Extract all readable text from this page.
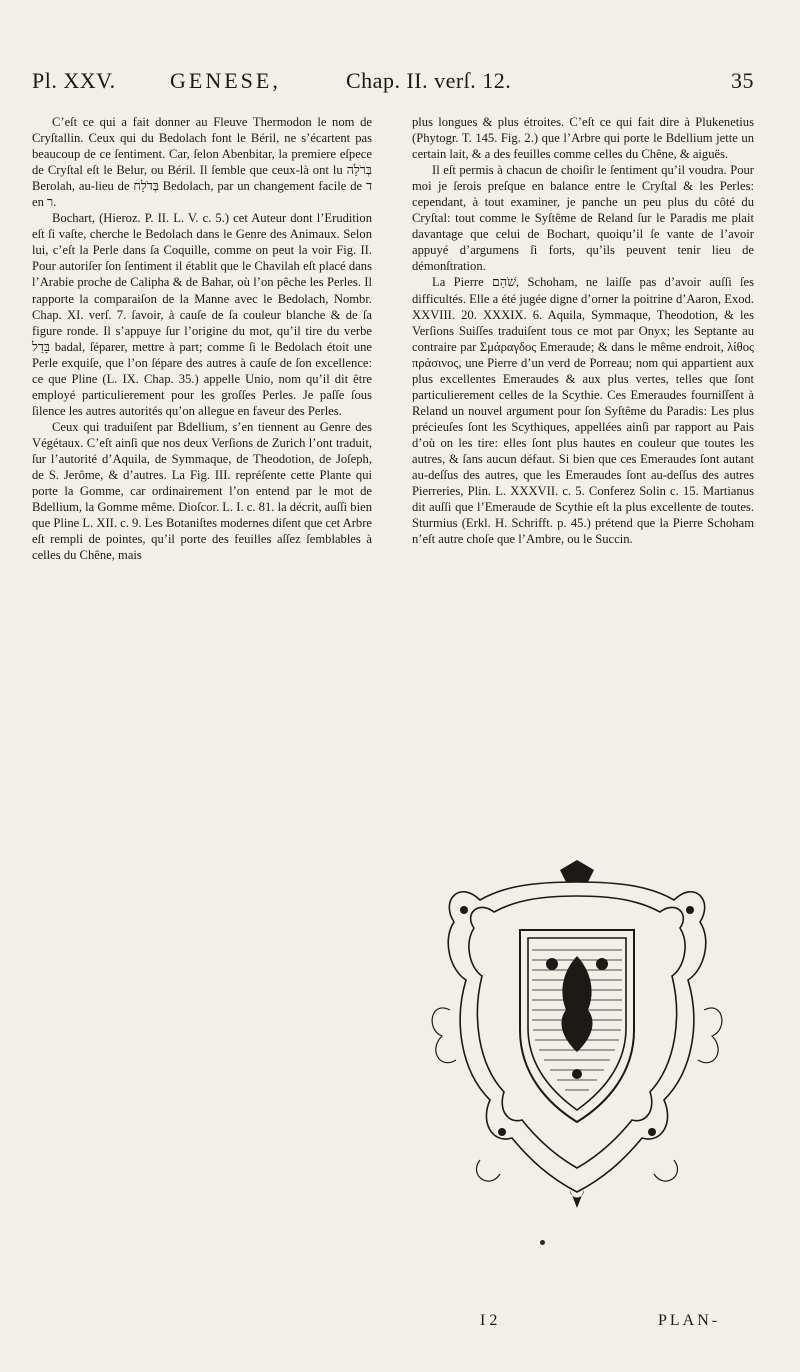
Pl. XXV. GENESE,	Chap. II. verſ. 12.	35

C’eſt ce qui a fait donner au Fleuve Thermodon le nom de Cryſtallin. Ceux qui du Bedolach font le Béril, ne s’écartent pas beaucoup de ce ſentiment. Car, ſelon Abenbitar, la premiere eſpece de Cryſtal eſt le Belur, ou Béril. Il ſemble que ceux-là ont lu בְּרֹלַה Berolah, au-lieu de בְּדֹלַח Bedolach, par un changement facile de ד en ר.

Bochart, (Hieroz. P. II. L. V. c. 5.) cet Auteur dont l’Erudition eſt ſi vaſte, cherche le Bedolach dans le Genre des Animaux. Selon lui, c’eſt la Perle dans ſa Coquille, comme on peut la voir Fig. II. Pour autoriſer ſon ſentiment il établit que le Chavilah eſt placé dans l’Arabie proche de Calipha & de Bahar, où l’on pêche les Perles. Il rapporte la comparaiſon de la Manne avec le Bedolach, Nombr. Chap. XI. verſ. 7. ſavoir, à cauſe de ſa couleur blanche & de ſa figure ronde. Il s’appuye ſur l’origine du mot, qu’il tire du verbe בָּדַל badal, ſéparer, mettre à part; comme ſi le Bedolach étoit une Perle exquiſe, que l’on ſépare des autres à cauſe de ſon excellence: ce que Pline (L. IX. Chap. 35.) appelle Unio, nom qu’il dit être employé particulierement pour les groſſes Perles. Je paſſe ſous ſilence les autres autorités qu’on allegue en faveur des Perles.

Ceux qui traduiſent par Bdellium, s’en tiennent au Genre des Végétaux. C’eſt ainſi que nos deux Verſions de Zurich l’ont traduit, ſur l’autorité d’Aquila, de Symmaque, de Theodotion, de Joſeph, de S. Jerôme, & d’autres. La Fig. III. repréſente cette Plante qui porte la Gomme, car ordinairement l’on entend par le mot de Bdellium, la Gomme même. Dioſcor. L. I. c. 81. la décrit, auſſi bien que Pline L. XII. c. 9. Les Botaniſtes modernes diſent que cet Arbre eſt rempli de pointes, qu’il porte des feuilles aſſez ſemblables à celles du Chêne, mais

plus longues & plus étroites. C’eſt ce qui fait dire à Plukenetius (Phytogr. T. 145. Fig. 2.) que l’Arbre qui porte le Bdellium jette un certain lait, & a des feuilles comme celles du Chêne, & aiguës.

Il eſt permis à chacun de choiſir le ſentiment qu’il voudra. Pour moi je ſerois preſque en balance entre le Cryſtal & les Perles: cependant, à tout examiner, je panche un peu plus du côté du Cryſtal: tout comme le Syſtême de Reland ſur le Paradis me plait davantage que celui de Bochart, quoiqu’il ſe vante de l’avoir appuyé d’argumens ſi forts, qu’ils peuvent tenir lieu de démonſtration.

La Pierre שֹׁהַם, Schoham, ne laiſſe pas d’avoir auſſi ſes difficultés. Elle a été jugée digne d’orner la poitrine d’Aaron, Exod. XXVIII. 20. XXXIX. 6. Aquila, Symmaque, Theodotion, & les Verſions Suiſſes traduiſent tous ce mot par Onyx; les Septante au contraire par Σμάραγδος Emeraude; & dans le même endroit, λίθος πράσινος, une Pierre d’un verd de Porreau; nom qui appartient aux plus excellentes Emeraudes & aux plus vertes, telles que ſont particulierement celles de la Scythie. Ces Emeraudes fourniſſent à Reland un nouvel argument pour ſon Syſtême du Paradis: Les plus précieuſes ſont les Scythiques, appellées ainſi par rapport au Pais d’où on les tire: elles ſont plus hautes en couleur que toutes les autres, & ſans aucun défaut. Si bien que ces Emeraudes ſont autant au-deſſus des autres, que les Emeraudes ſont au-deſſus des autres Pierreries, Plin. L. XXXVII. c. 5. Conferez Solin c. 15. Martianus dit auſſi que l’Emeraude de Scythie eſt la plus excellente de toutes. Sturmius (Erkl. H. Schrifft. p. 45.) prétend que la Pierre Schoham n’eſt autre choſe que l’Ambre, ou le Succin.

I 2	PLAN-
